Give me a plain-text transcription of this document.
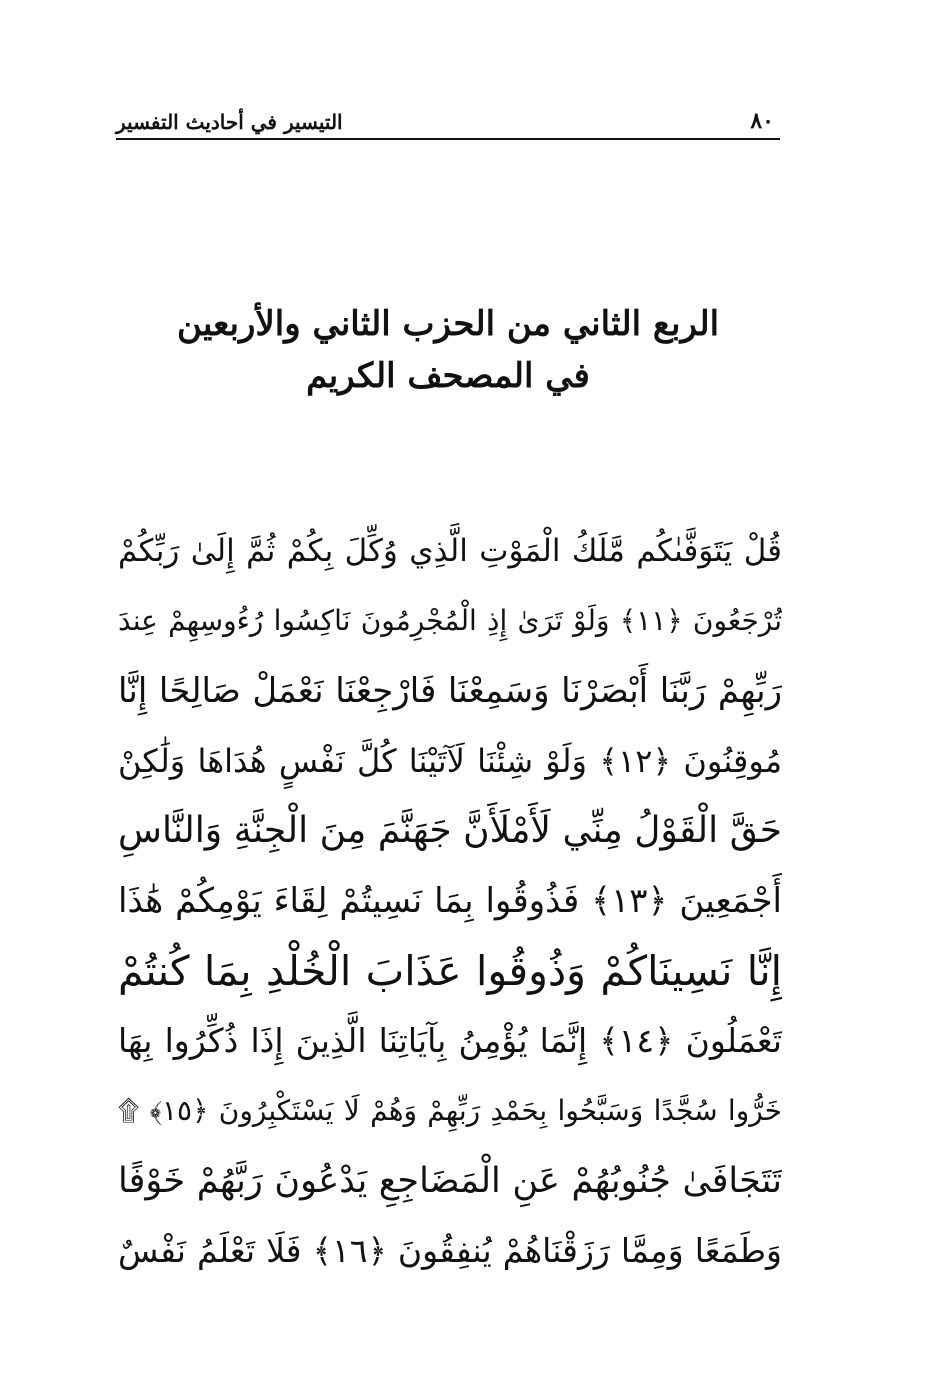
٨٠
التيسير في أحاديث التفسير
الربع الثاني من الحزب الثاني والأربعين
في المصحف الكريم
قُلْ يَتَوَفَّىٰكُم مَّلَكُ الْمَوْتِ الَّذِي وُكِّلَ بِكُمْ ثُمَّ إِلَىٰ رَبِّكُمْ
تُرْجَعُونَ ﴿١١﴾ وَلَوْ تَرَىٰ إِذِ الْمُجْرِمُونَ نَاكِسُوا رُءُوسِهِمْ عِندَ
رَبِّهِمْ رَبَّنَا أَبْصَرْنَا وَسَمِعْنَا فَارْجِعْنَا نَعْمَلْ صَالِحًا إِنَّا
مُوقِنُونَ ﴿١٢﴾ وَلَوْ شِئْنَا لَآتَيْنَا كُلَّ نَفْسٍ هُدَاهَا وَلَٰكِنْ
حَقَّ الْقَوْلُ مِنِّي لَأَمْلَأَنَّ جَهَنَّمَ مِنَ الْجِنَّةِ وَالنَّاسِ
أَجْمَعِينَ ﴿١٣﴾ فَذُوقُوا بِمَا نَسِيتُمْ لِقَاءَ يَوْمِكُمْ هَٰذَا
إِنَّا نَسِينَاكُمْ وَذُوقُوا عَذَابَ الْخُلْدِ بِمَا كُنتُمْ
تَعْمَلُونَ ﴿١٤﴾ إِنَّمَا يُؤْمِنُ بِآيَاتِنَا الَّذِينَ إِذَا ذُكِّرُوا بِهَا
خَرُّوا سُجَّدًا وَسَبَّحُوا بِحَمْدِ رَبِّهِمْ وَهُمْ لَا يَسْتَكْبِرُونَ ﴿١٥﴾ ۩
تَتَجَافَىٰ جُنُوبُهُمْ عَنِ الْمَضَاجِعِ يَدْعُونَ رَبَّهُمْ خَوْفًا
وَطَمَعًا وَمِمَّا رَزَقْنَاهُمْ يُنفِقُونَ ﴿١٦﴾ فَلَا تَعْلَمُ نَفْسٌ
